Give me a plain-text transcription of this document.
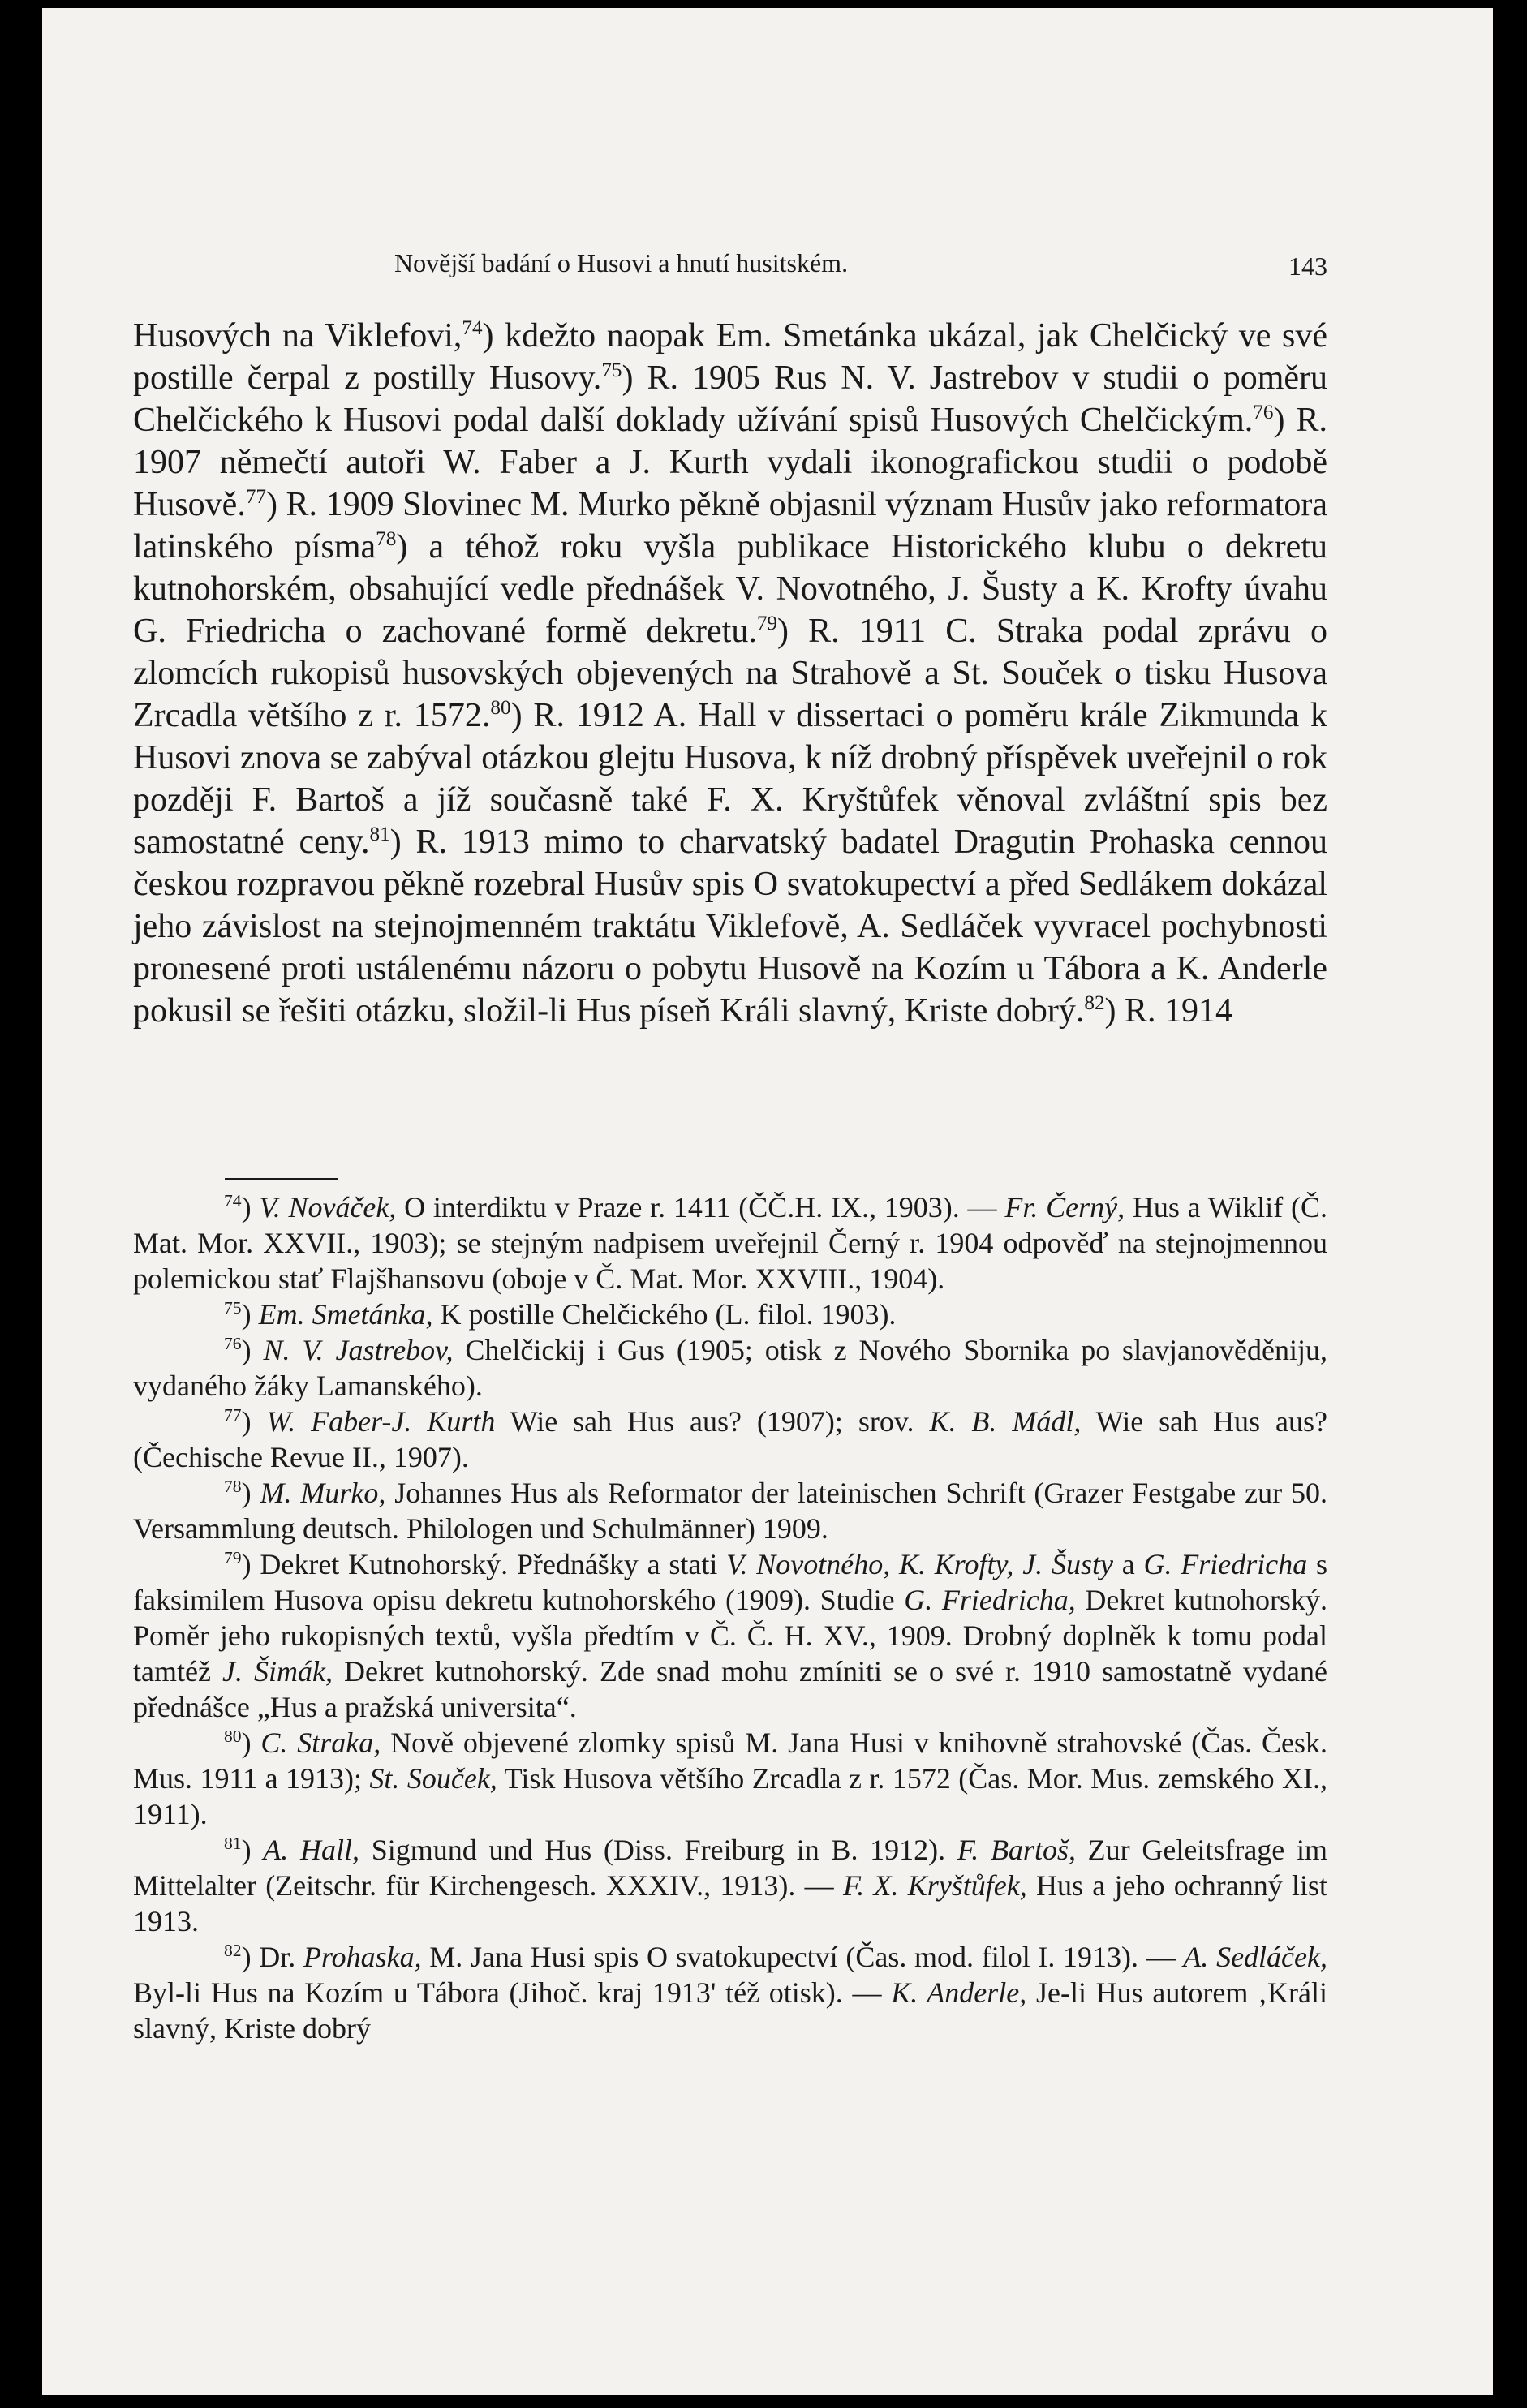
Novější badání o Husovi a hnutí husitském.	143

Husových na Viklefovi,$^{74}$) kdežto naopak Em. Smetánka ukázal, jak Chelčický ve své postille čerpal z postilly Husovy.$^{75}$) R. 1905 Rus N. V. Jastrebov v studii o poměru Chelčického k Husovi podal další doklady užívání spisů Husových Chelčickým.$^{76}$) R. 1907 němečtí autoři W. Faber a J. Kurth vydali ikonografickou studii o podobě Husově.$^{77}$) R. 1909 Slovinec M. Murko pěkně objasnil význam Husův jako reformatora latinského písma$^{78}$) a téhož roku vyšla publikace Historického klubu o dekretu kutnohorském, obsahující vedle přednášek V. Novotného, J. Šusty a K. Krofty úvahu G. Friedricha o zachované formě dekretu.$^{79}$) R. 1911 C. Straka podal zprávu o zlomcích rukopisů husovských objevených na Strahově a St. Souček o tisku Husova Zrcadla většího z r. 1572.80) R. 1912 A. Hall v dissertaci o poměru krále Zikmunda k Husovi znova se zabýval otázkou glejtu Husova, k níž drobný příspěvek uveřejnil o rok později F. Bartoš a jíž současně také F. X. Kryštůfek věnoval zvláštní spis bez samostatné ceny.$^{81}$) R. 1913 mimo to charvatský badatel Dragutin Prohaska cennou českou rozpravou pěkně rozebral Husův spis O svatokupectví a před Sedlákem dokázal jeho závislost na stejnojmenném traktátu Viklefově, A. Sedláček vyvracel pochybnosti pronesené proti ustálenému názoru o pobytu Husově na Kozím u Tábora a K. Anderle pokusil se řešiti otázku, složil-li Hus píseň Králi slavný, Kriste dobrý.$^{82}$) R. 1914

$^{74}$) V. Nováček, O interdiktu v Praze r. 1411 (ČČ.H. IX., 1903). — Fr. Černý, Hus a Wiklif (Č. Mat. Mor. XXVII., 1903); se stejným nadpisem uveřejnil Černý r. 1904 odpověď na stejnojmennou polemickou stať Flajšhansovu (oboje v Č. Mat. Mor. XXVIII., 1904).

$^{75}$) Em. Smetánka, K postille Chelčického (L. filol. 1903).

$^{76}$) N. V. Jastrebov, Chelčickij i Gus (1905; otisk z Nového Sbornika po slavjanověděniju, vydaného žáky Lamanského).

$^{77}$) W. Faber-J. Kurth Wie sah Hus aus? (1907); srov. K. B. Mádl, Wie sah Hus aus? (Čechische Revue II., 1907).

$^{78}$) M. Murko, Johannes Hus als Reformator der lateinischen Schrift (Grazer Festgabe zur 50. Versammlung deutsch. Philologen und Schulmänner) 1909.

$^{79}$) Dekret Kutnohorský. Přednášky a stati V. Novotného, K. Krofty, J. Šusty a G. Friedricha s faksimilem Husova opisu dekretu kutnohorského (1909). Studie G. Friedricha, Dekret kutnohorský. Poměr jeho rukopisných textů, vyšla předtím v Č. Č. H. XV., 1909. Drobný doplněk k tomu podal tamtéž J. Šimák, Dekret kutnohorský. Zde snad mohu zmíniti se o své r. 1910 samostatně vydané přednášce „Hus a pražská universita“.

$^{80}$) C. Straka, Nově objevené zlomky spisů M. Jana Husi v knihovně strahovské (Čas. Česk. Mus. 1911 a 1913); St. Souček, Tisk Husova většího Zrcadla z r. 1572 (Čas. Mor. Mus. zemského XI., 1911).

$^{81}$) A. Hall, Sigmund und Hus (Diss. Freiburg in B. 1912). F. Bartoš, Zur Geleitsfrage im Mittelalter (Zeitschr. für Kirchengesch. XXXIV., 1913). — F. X. Kryštůfek, Hus a jeho ochranný list 1913.

$^{82}$) Dr. Prohaska, M. Jana Husi spis O svatokupectví (Čas. mod. filol I. 1913). — A. Sedláček, Byl-li Hus na Kozím u Tábora (Jihoč. kraj 1913' též otisk). — K. Anderle, Je-li Hus autorem ‚Králi slavný, Kriste dobrý
